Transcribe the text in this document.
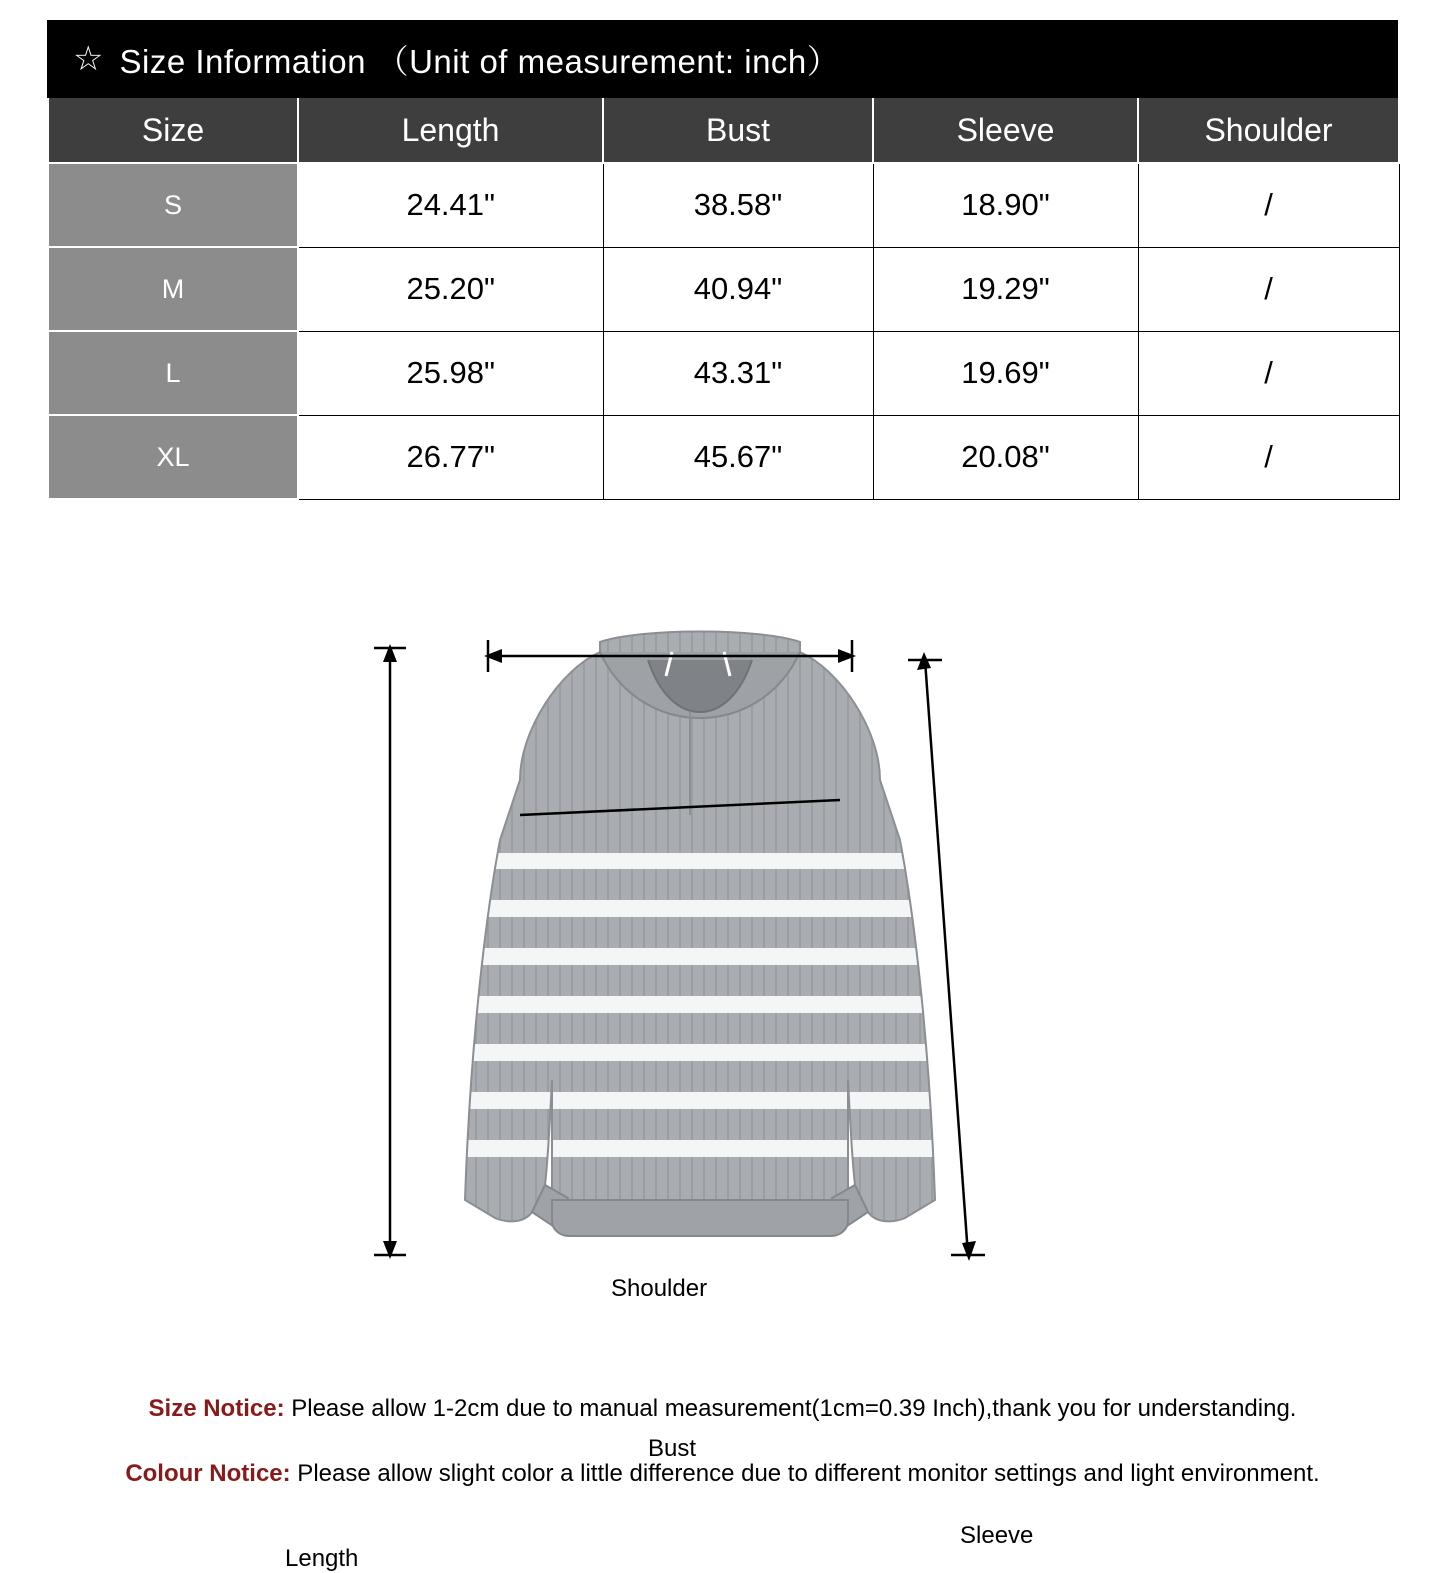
☆ Size Information （Unit of measurement: inch）
Size	Length	Bust	Sleeve	Shoulder
S	24.41"	38.58"	18.90"	/
M	25.20"	40.94"	19.29"	/
L	25.98"	43.31"	19.69"	/
XL	26.77"	45.67"	20.08"	/
Length
Shoulder
Bust
Sleeve
Size Notice: Please allow 1-2cm due to manual measurement(1cm=0.39 Inch),thank you for understanding.
Colour Notice: Please allow slight color a little difference due to different monitor settings and light environment.
